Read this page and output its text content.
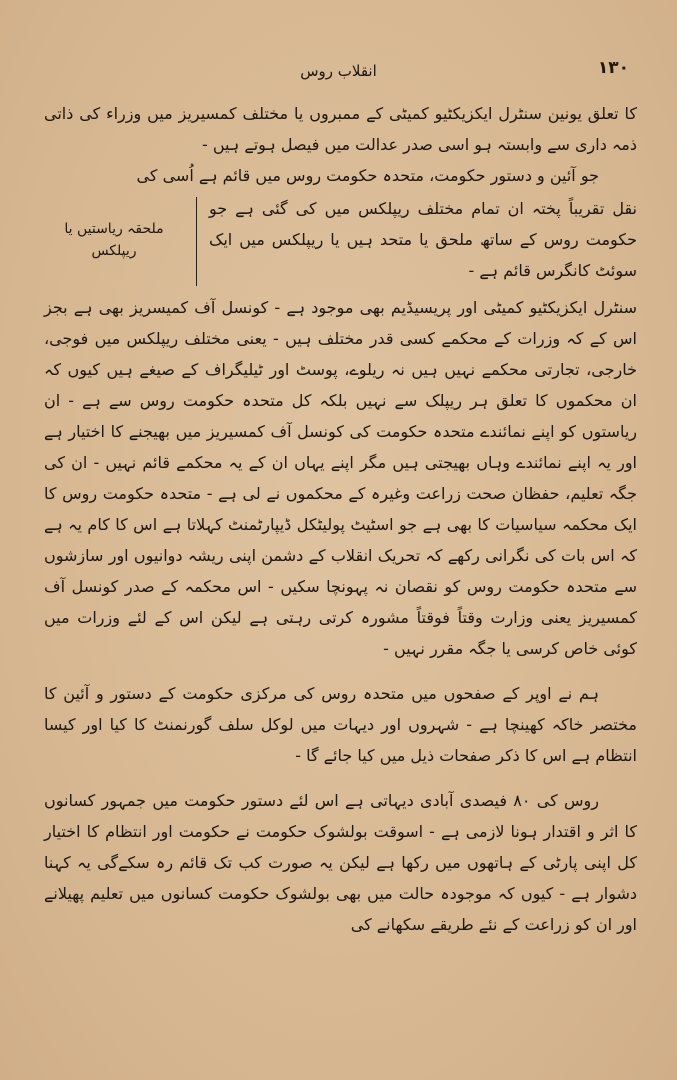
۱۳۰
انقلاب روس

کا تعلق یونین سنٹرل ایکزیکٹیو کمیٹی کے ممبروں یا مختلف کمسیریز میں وزراء کی ذاتی ذمہ داری سے وابستہ ہو اسی صدر عدالت میں فیصل ہوتے ہیں -

جو آئین و دستور حکومت، متحدہ حکومت روس میں قائم ہے اُسی کی

نقل تقریباً پختہ ان تمام مختلف ریپلکس میں کی گئی ہے جو حکومت روس کے ساتھ ملحق یا متحد ہیں یا ریپلکس میں ایک سوئٹ کانگرس قائم ہے -

ملحقہ ریاستیں یا ریپلکس

سنٹرل ایکزیکٹیو کمیٹی اور پریسیڈیم بھی موجود ہے - کونسل آف کمیسریز بھی ہے بجز اس کے کہ وزرات کے محکمے کسی قدر مختلف ہیں - یعنی مختلف ریپلکس میں فوجی، خارجی، تجارتی محکمے نہیں ہیں نہ ریلوے، پوسٹ اور ٹیلیگراف کے صیغے ہیں کیوں کہ ان محکموں کا تعلق ہر ریپلک سے نہیں بلکہ کل متحدہ حکومت روس سے ہے - ان ریاستوں کو اپنے نمائندے متحدہ حکومت کی کونسل آف کمسیریز میں بھیجنے کا اختیار ہے اور یہ اپنے نمائندے وہاں بھیجتی ہیں مگر اپنے یہاں ان کے یہ محکمے قائم نہیں - ان کی جگہ تعلیم، حفظان صحت زراعت وغیرہ کے محکموں نے لی ہے - متحدہ حکومت روس کا ایک محکمہ سیاسیات کا بھی ہے جو اسٹیٹ پولیٹکل ڈیپارٹمنٹ کہلاتا ہے اس کا کام یہ ہے کہ اس بات کی نگرانی رکھے کہ تحریک انقلاب کے دشمن اپنی ریشہ دوانیوں اور سازشوں سے متحدہ حکومت روس کو نقصان نہ پہونچا سکیں - اس محکمہ کے صدر کونسل آف کمسیریز یعنی وزارت وقتاً فوقتاً مشورہ کرتی رہتی ہے لیکن اس کے لئے وزرات میں کوئی خاص کرسی یا جگہ مقرر نہیں -

ہم نے اوپر کے صفحوں میں متحدہ روس کی مرکزی حکومت کے دستور و آئین کا مختصر خاکہ کھینچا ہے - شہروں اور دیہات میں لوکل سلف گورنمنٹ کا کیا اور کیسا انتظام ہے اس کا ذکر صفحات ذیل میں کیا جائے گا -

روس کی ۸۰ فیصدی آبادی دیہاتی ہے اس لئے دستور حکومت میں جمہور کسانوں کا اثر و اقتدار ہونا لازمی ہے - اسوقت بولشوک حکومت نے حکومت اور انتظام کا اختیار کل اپنی پارٹی کے ہاتھوں میں رکھا ہے لیکن یہ صورت کب تک قائم رہ سکےگی یہ کہنا دشوار ہے - کیوں کہ موجودہ حالت میں بھی بولشوک حکومت کسانوں میں تعلیم پھیلانے اور ان کو زراعت کے نئے طریقے سکھانے کی
